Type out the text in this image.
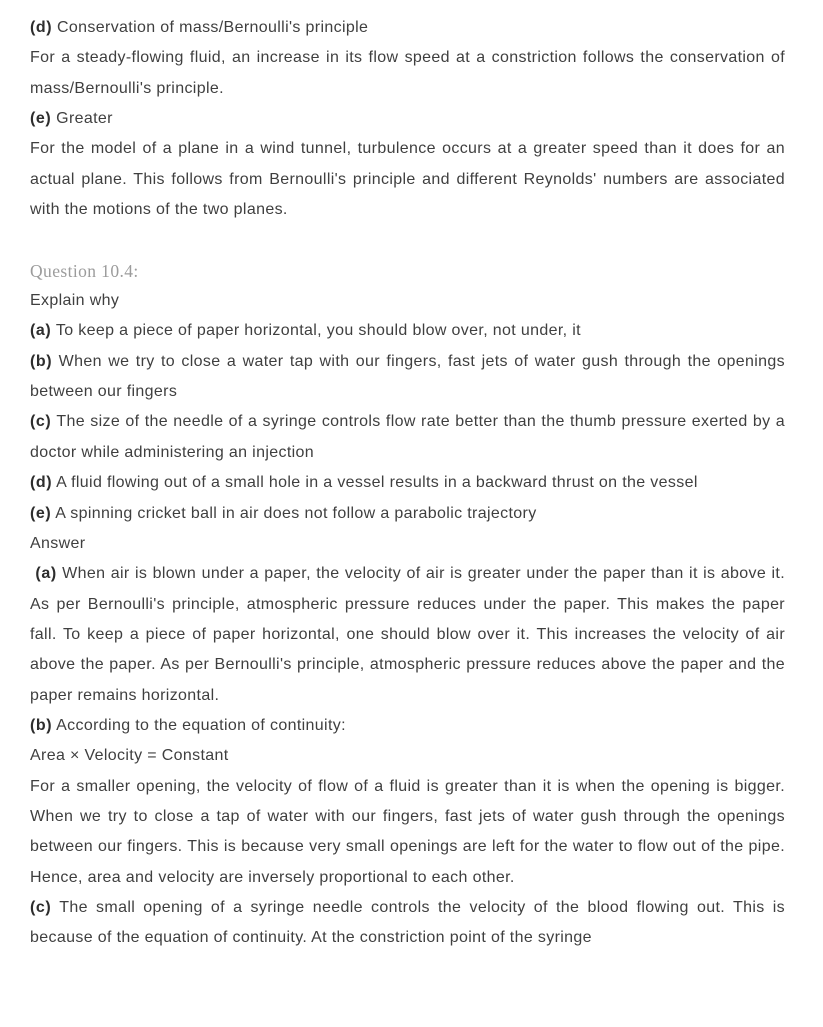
(d) Conservation of mass/Bernoulli's principle

For a steady-flowing fluid, an increase in its flow speed at a constriction follows the conservation of mass/Bernoulli's principle.

(e) Greater

For the model of a plane in a wind tunnel, turbulence occurs at a greater speed than it does for an actual plane. This follows from Bernoulli's principle and different Reynolds' numbers are associated with the motions of the two planes.

Question 10.4:

Explain why

(a) To keep a piece of paper horizontal, you should blow over, not under, it

(b) When we try to close a water tap with our fingers, fast jets of water gush through the openings between our fingers

(c) The size of the needle of a syringe controls flow rate better than the thumb pressure exerted by a doctor while administering an injection

(d) A fluid flowing out of a small hole in a vessel results in a backward thrust on the vessel

(e) A spinning cricket ball in air does not follow a parabolic trajectory

Answer

(a) When air is blown under a paper, the velocity of air is greater under the paper than it is above it. As per Bernoulli's principle, atmospheric pressure reduces under the paper. This makes the paper fall. To keep a piece of paper horizontal, one should blow over it. This increases the velocity of air above the paper. As per Bernoulli's principle, atmospheric pressure reduces above the paper and the paper remains horizontal.

(b) According to the equation of continuity:

Area × Velocity = Constant

For a smaller opening, the velocity of flow of a fluid is greater than it is when the opening is bigger. When we try to close a tap of water with our fingers, fast jets of water gush through the openings between our fingers. This is because very small openings are left for the water to flow out of the pipe. Hence, area and velocity are inversely proportional to each other.

(c) The small opening of a syringe needle controls the velocity of the blood flowing out. This is because of the equation of continuity. At the constriction point of the syringe
